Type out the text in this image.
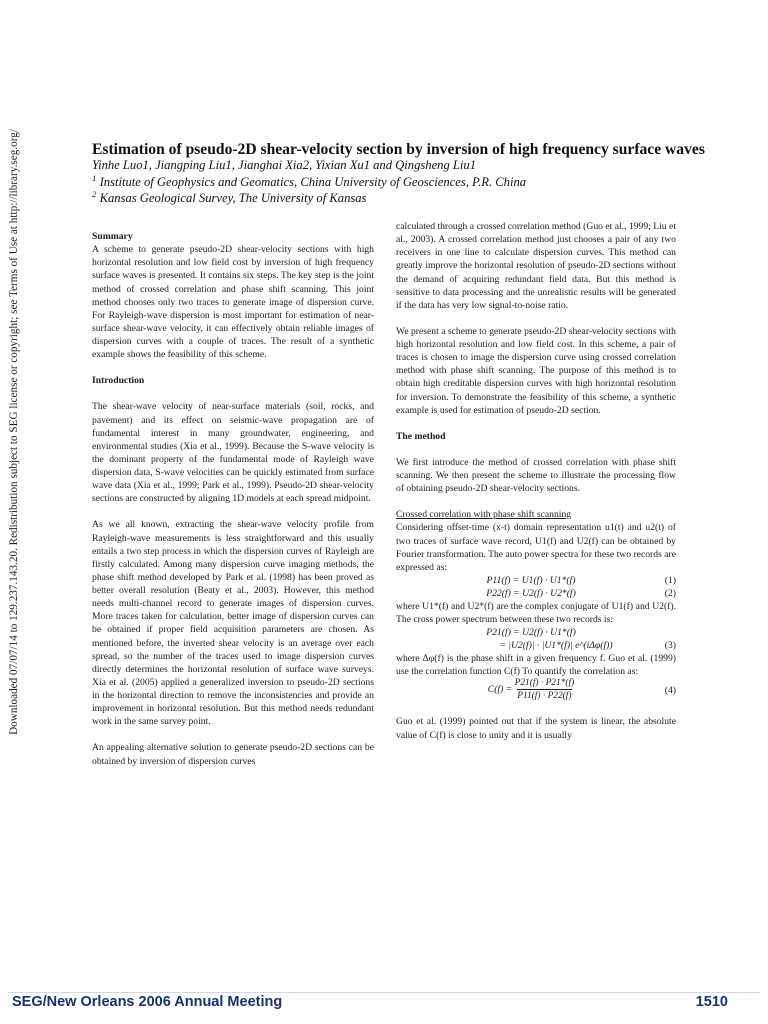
Downloaded 07/07/14 to 129.237.143.20. Redistribution subject to SEG license or copyright; see Terms of Use at http://library.seg.org/	Estimation of pseudo-2D shear-velocity section by inversion of high frequency surface waves
Yinhe Luo1, Jiangping Liu1, Jianghai Xia2, Yixian Xu1 and Qingsheng Liu1
$^1$ Institute of Geophysics and Geomatics, China University of Geosciences, P.R. China
$^2$ Kansas Geological Survey, The University of Kansas

Summary

A scheme to generate pseudo-2D shear-velocity sections with high horizontal resolution and low field cost by inversion of high frequency surface waves is presented. It contains six steps. The key step is the joint method of crossed correlation and phase shift scanning. This joint method chooses only two traces to generate image of dispersion curve. For Rayleigh-wave dispersion is most important for estimation of near-surface shear-wave velocity, it can effectively obtain reliable images of dispersion curves with a couple of traces. The result of a synthetic example shows the feasibility of this scheme.

Introduction

The shear-wave velocity of near-surface materials (soil, rocks, and pavement) and its effect on seismic-wave propagation are of fundamental interest in many groundwater, engineering, and environmental studies (Xia et al., 1999). Because the S-wave velocity is the dominant property of the fundamental mode of Rayleigh wave dispersion data, S-wave velocities can be quickly estimated from surface wave data (Xia et al., 1999; Park et al., 1999). Pseudo-2D shear-velocity sections are constructed by aligning 1D models at each spread midpoint.

As we all known, extracting the shear-wave velocity profile from Rayleigh-wave measurements is less straightforward and this usually entails a two step process in which the dispersion curves of Rayleigh are firstly calculated. Among many dispersion curve imaging methods, the phase shift method developed by Park et al. (1998) has been proved as better overall resolution (Beaty et al., 2003). However, this method needs multi-channel record to generate images of dispersion curves. More traces taken for calculation, better image of dispersion curves can be obtained if proper field acquisition parameters are chosen. As mentioned before, the inverted shear velocity is an average over each spread, so the number of the traces used to image dispersion curves directly determines the horizontal resolution of surface wave surveys. Xia et al. (2005) applied a generalized inversion to pseudo-2D sections in the horizontal direction to remove the inconsistencies and provide an improvement in horizontal resolution. But this method needs redundant work in the same survey point.

An appealing alternative solution to generate pseudo-2D sections can be obtained by inversion of dispersion curves

calculated through a crossed correlation method (Guo et al., 1999; Liu et al., 2003). A crossed correlation method just chooses a pair of any two receivers in one line to calculate dispersion curves. This method can greatly improve the horizontal resolution of pseudo-2D sections without the demand of acquiring redundant field data. But this method is sensitive to data processing and the unrealistic results will be generated if the data has very low signal-to-noise ratio.

We present a scheme to generate pseudo-2D shear-velocity sections with high horizontal resolution and low field cost. In this scheme, a pair of traces is chosen to image the dispersion curve using crossed correlation method with phase shift scanning. The purpose of this method is to obtain high creditable dispersion curves with high horizontal resolution for inversion. To demonstrate the feasibility of this scheme, a synthetic example is used for estimation of pseudo-2D section.

The method

We first introduce the method of crossed correlation with phase shift scanning. We then present the scheme to illustrate the processing flow of obtaining pseudo-2D shear-velocity sections.

Crossed correlation with phase shift scanning

Considering offset-time (x-t) domain representation u1(t) and u2(t) of two traces of surface wave record, U1(f) and U2(f) can be obtained by Fourier transformation. The auto power spectra for these two records are expressed as:

P11(f) = U1(f) · U1*(f)	(1)
P22(f) = U2(f) · U2*(f)	(2)

where U1*(f) and U2*(f) are the complex conjugate of U1(f) and U2(f). The cross power spectrum between these two records is:

P21(f) = U2(f) · U1*(f)
= |U2(f)| · |U1*(f)| e^(iΔφ(f))	(3)

where Δφ(f) is the phase shift in a given frequency f. Guo et al. (1999) use the correlation function C(f) To quantify the correlation as:

$C(f) = \frac{P21(f) \cdot P21*(f)}{P11(f) \cdot P22(f)}$	(4)

Guo et al. (1999) pointed out that if the system is linear, the absolute value of C(f) is close to unity and it is usually

SEG/New Orleans 2006 Annual Meeting	1510
